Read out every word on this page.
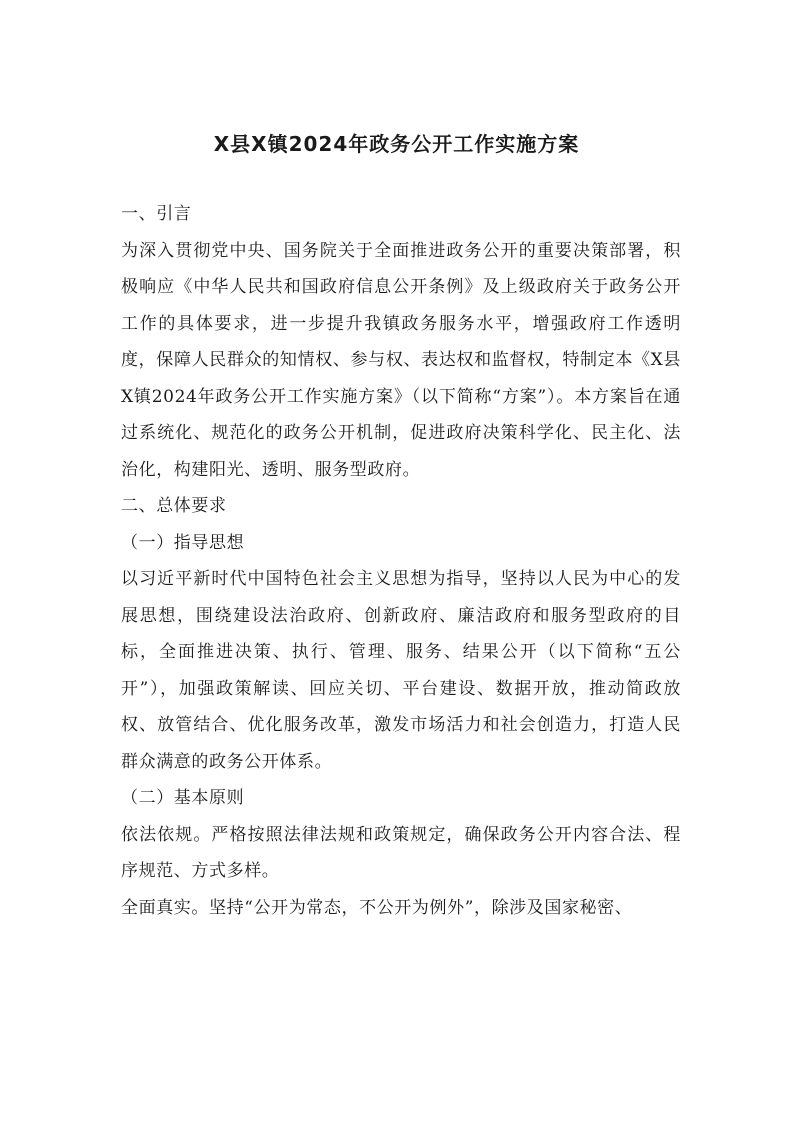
X县X镇2024年政务公开工作实施方案

一、引言

为深入贯彻党中央、国务院关于全面推进政务公开的重要决策部署，积极响应《中华人民共和国政府信息公开条例》及上级政府关于政务公开工作的具体要求，进一步提升我镇政务服务水平，增强政府工作透明度，保障人民群众的知情权、参与权、表达权和监督权，特制定本《X县X镇2024年政务公开工作实施方案》（以下简称“方案”）。本方案旨在通过系统化、规范化的政务公开机制，促进政府决策科学化、民主化、法治化，构建阳光、透明、服务型政府。

二、总体要求

（一）指导思想

以习近平新时代中国特色社会主义思想为指导，坚持以人民为中心的发展思想，围绕建设法治政府、创新政府、廉洁政府和服务型政府的目标，全面推进决策、执行、管理、服务、结果公开（以下简称“五公开”），加强政策解读、回应关切、平台建设、数据开放，推动简政放权、放管结合、优化服务改革，激发市场活力和社会创造力，打造人民群众满意的政务公开体系。

（二）基本原则

依法依规。严格按照法律法规和政策规定，确保政务公开内容合法、程序规范、方式多样。

全面真实。坚持“公开为常态，不公开为例外”，除涉及国家秘密、
